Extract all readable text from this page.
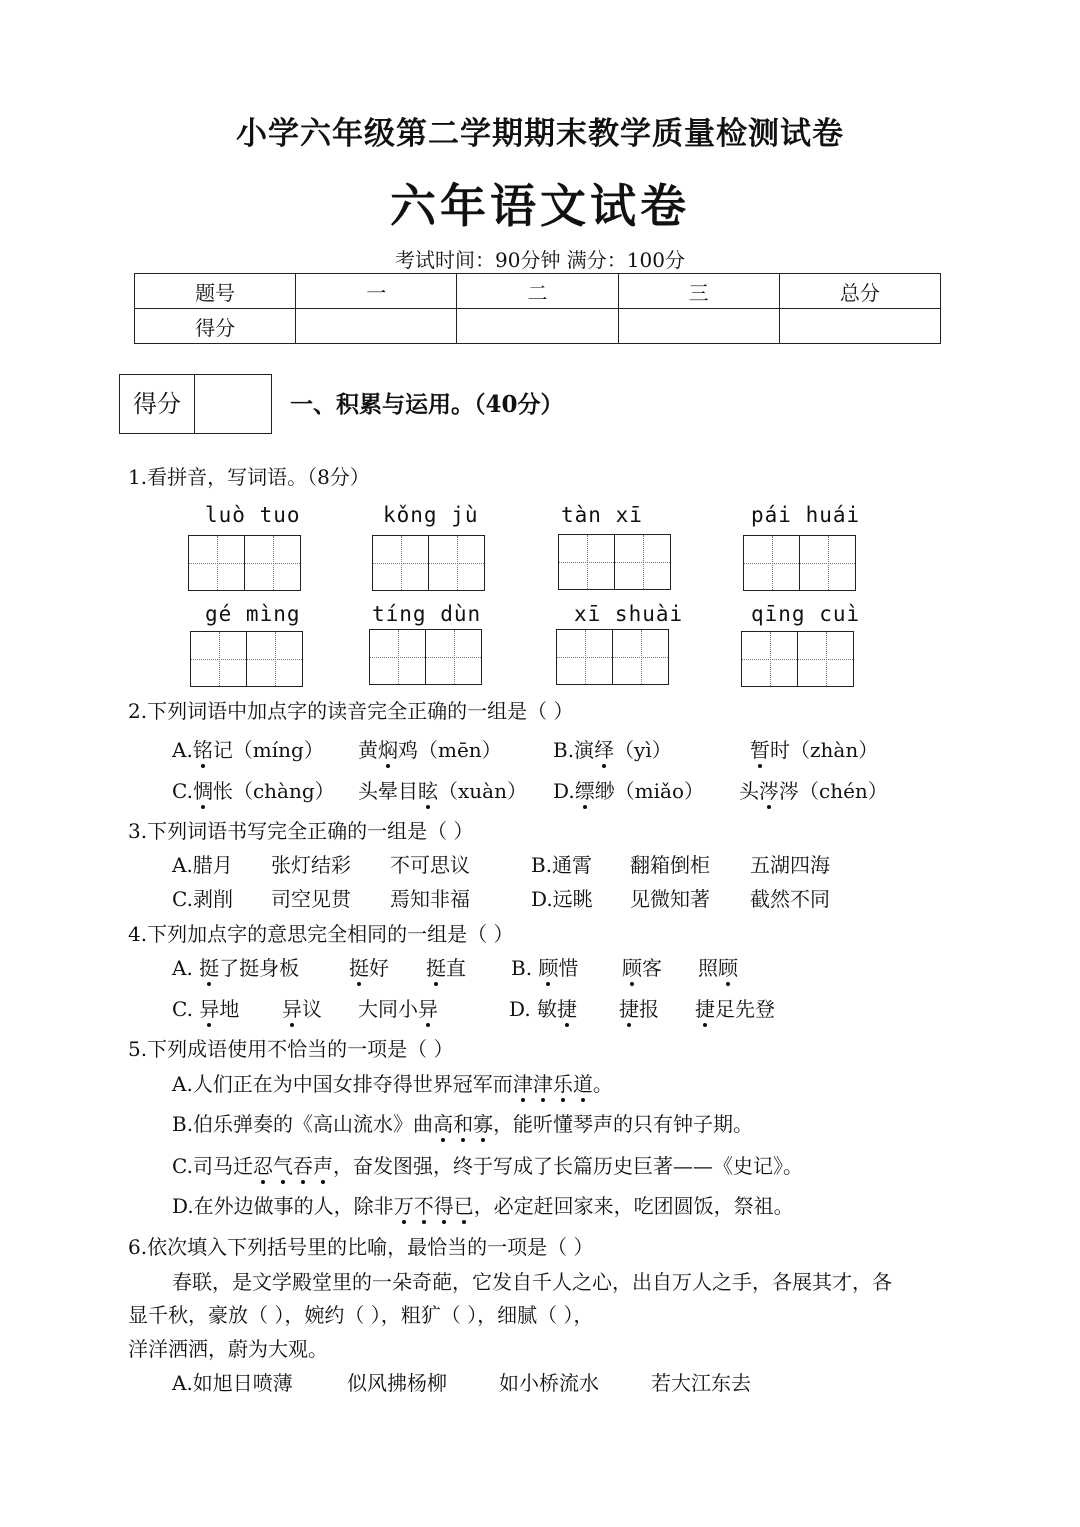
小学六年级第二学期期末教学质量检测试卷
六年语文试卷
考试时间：90分钟 满分：100分
题号	一	二	三	总分
得分				
得分	一、积累与运用。（40分）
1.看拼音，写词语。（8分）
luò tuo	kǒng jù	tàn xī	pái huái
gé mìng	tíng dùn	xī shuài	qīng cuì
2.下列词语中加点字的读音完全正确的一组是（ ）
A.铭记（míng） 黄焖鸡（mēn）	B.演绎（yì）	暂时（zhàn）
C.惆怅（chàng） 头晕目眩（xuàn） D.缥缈（miǎo） 头涔涔（chén）
3.下列词语书写完全正确的一组是（ ）
A.腊月 张灯结彩 不可思议	B.通霄 翻箱倒柜 五湖四海
C.剥削 司空见贯 焉知非福	D.远眺 见微知著 截然不同
4.下列加点字的意思完全相同的一组是（ ）
A. 挺了挺身板 挺好 挺直 B. 顾惜 顾客 照顾
C. 异地 异议 大同小异	D. 敏捷 捷报 捷足先登
5.下列成语使用不恰当的一项是（ ）
A.人们正在为中国女排夺得世界冠军而津津乐道。
B.伯乐弹奏的《高山流水》曲高和寡，能听懂琴声的只有钟子期。
C.司马迁忍气吞声，奋发图强，终于写成了长篇历史巨著——《史记》。
D.在外边做事的人，除非万不得已，必定赶回家来，吃团圆饭，祭祖。
6.依次填入下列括号里的比喻，最恰当的一项是（ ）
春联，是文学殿堂里的一朵奇葩，它发自千人之心，出自万人之手，各展其才，各
显千秋，豪放（ ），婉约（ ），粗犷（ ），细腻（ ），
洋洋洒洒，蔚为大观。
A.如旭日喷薄	似风拂杨柳	如小桥流水	若大江东去
